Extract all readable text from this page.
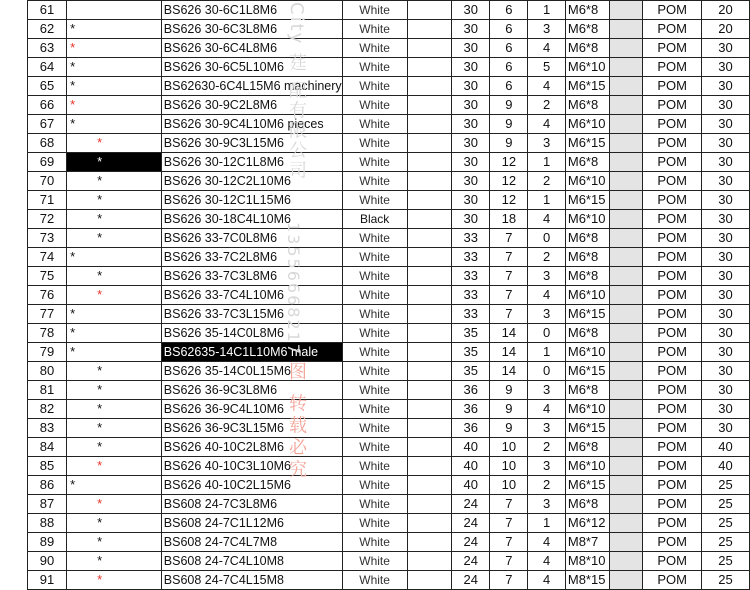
61		BS626 30-6C1L8M6	White		30	6	1	M6*8		POM	20
62	*	BS626 30-6C3L8M6	White		30	6	3	M6*8		POM	20
63	*	BS626 30-6C4L8M6	White		30	6	4	M6*8		POM	30
64	*	BS626 30-6C5L10M6	White		30	6	5	M6*10		POM	30
65	*	BS62630-6C4L15M6 machinery	White		30	6	4	M6*15		POM	30
66	*	BS626 30-9C2L8M6	White		30	9	2	M6*8		POM	30
67	*	BS626 30-9C4L10M6 pieces	White		30	9	4	M6*10		POM	30
68	*	BS626 30-9C3L15M6	White		30	9	3	M6*15		POM	30
69	*	BS626 30-12C1L8M6	White		30	12	1	M6*8		POM	30
70	*	BS626 30-12C2L10M6	White		30	12	2	M6*10		POM	30
71	*	BS626 30-12C1L15M6	White		30	12	1	M6*15		POM	30
72	*	BS626 30-18C4L10M6	Black		30	18	4	M6*10		POM	30
73	*	BS626 33-7C0L8M6	White		33	7	0	M6*8		POM	30
74	*	BS626 33-7C2L8M6	White		33	7	2	M6*8		POM	30
75	*	BS626 33-7C3L8M6	White		33	7	3	M6*8		POM	30
76	*	BS626 33-7C4L10M6	White		33	7	4	M6*10		POM	30
77	*	BS626 33-7C3L15M6	White		33	7	3	M6*15		POM	30
78	*	BS626 35-14C0L8M6	White		35	14	0	M6*8		POM	30
79	*	BS62635-14C1L10M6 male	White		35	14	1	M6*10		POM	30
80	*	BS626 35-14C0L15M6	White		35	14	0	M6*15		POM	30
81	*	BS626 36-9C3L8M6	White		36	9	3	M6*8		POM	30
82	*	BS626 36-9C4L10M6	White		36	9	4	M6*10		POM	30
83	*	BS626 36-9C3L15M6	White		36	9	3	M6*15		POM	30
84	*	BS626 40-10C2L8M6	White		40	10	2	M6*8		POM	40
85	*	BS626 40-10C3L10M6	White		40	10	3	M6*10		POM	40
86	*	BS626 40-10C2L15M6	White		40	10	2	M6*15		POM	25
87	*	BS608 24-7C3L8M6	White		24	7	3	M6*8		POM	25
88	*	BS608 24-7C1L12M6	White		24	7	1	M6*12		POM	25
89	*	BS608 24-7C4L7M8	White		24	7	4	M8*7		POM	25
90	*	BS608 24-7C4L10M8	White		24	7	4	M8*10		POM	25
91	*	BS608 24-7C4L15M8	White		24	7	4	M8*15		POM	25
City 莛 配有限公司
13556668217
图 转载必究
